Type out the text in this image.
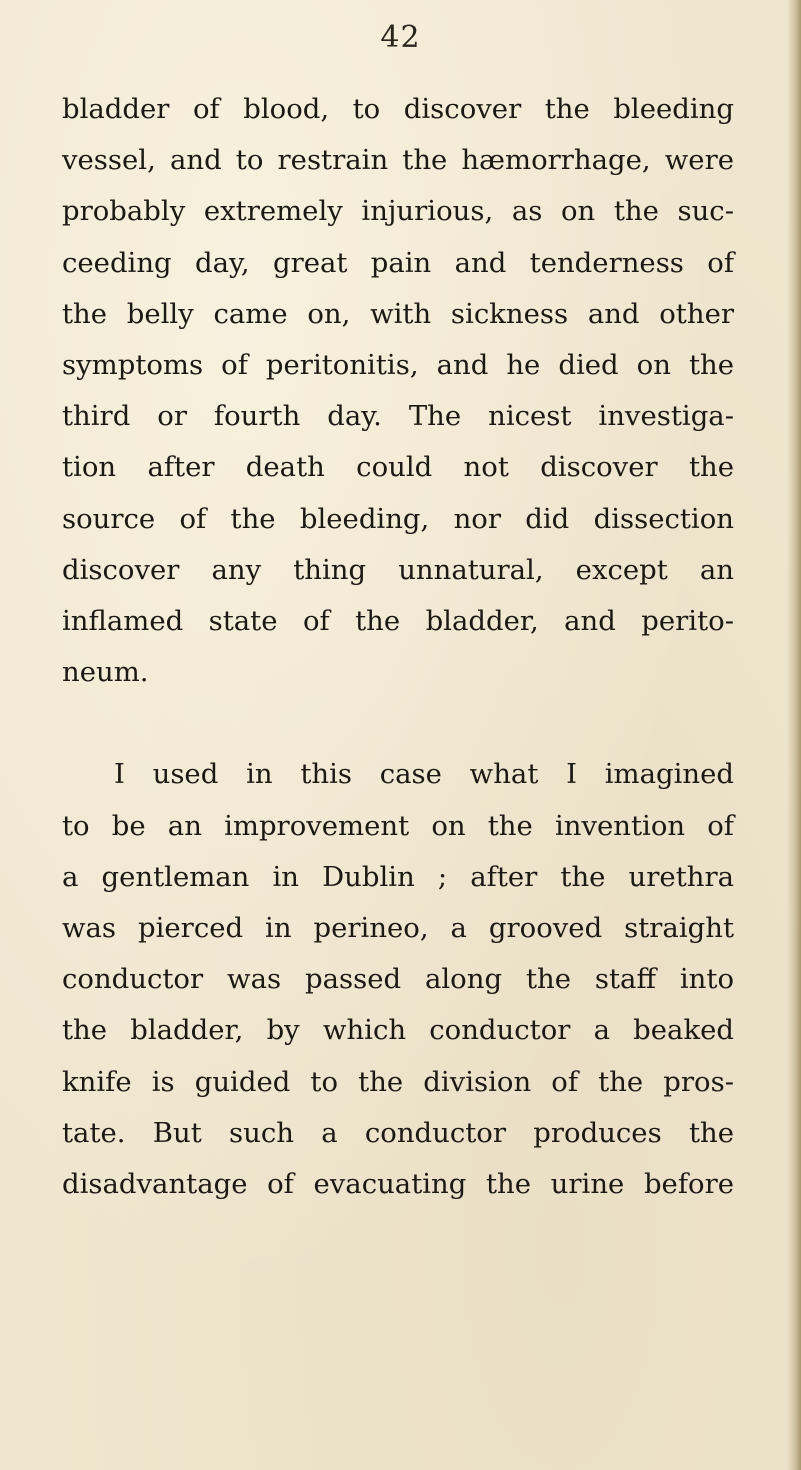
42

bladder of blood, to discover the bleeding
vessel, and to restrain the hæmorrhage, were
probably extremely injurious, as on the suc-
ceeding day, great pain and tenderness of
the belly came on, with sickness and other
symptoms of peritonitis, and he died on the
third or fourth day. The nicest investiga-
tion after death could not discover the
source of the bleeding, nor did dissection
discover any thing unnatural, except an
inflamed state of the bladder, and perito-
neum.

I used in this case what I imagined
to be an improvement on the invention of
a gentleman in Dublin ; after the urethra
was pierced in perineo, a grooved straight
conductor was passed along the staff into
the bladder, by which conductor a beaked
knife is guided to the division of the pros-
tate. But such a conductor produces the
disadvantage of evacuating the urine before
